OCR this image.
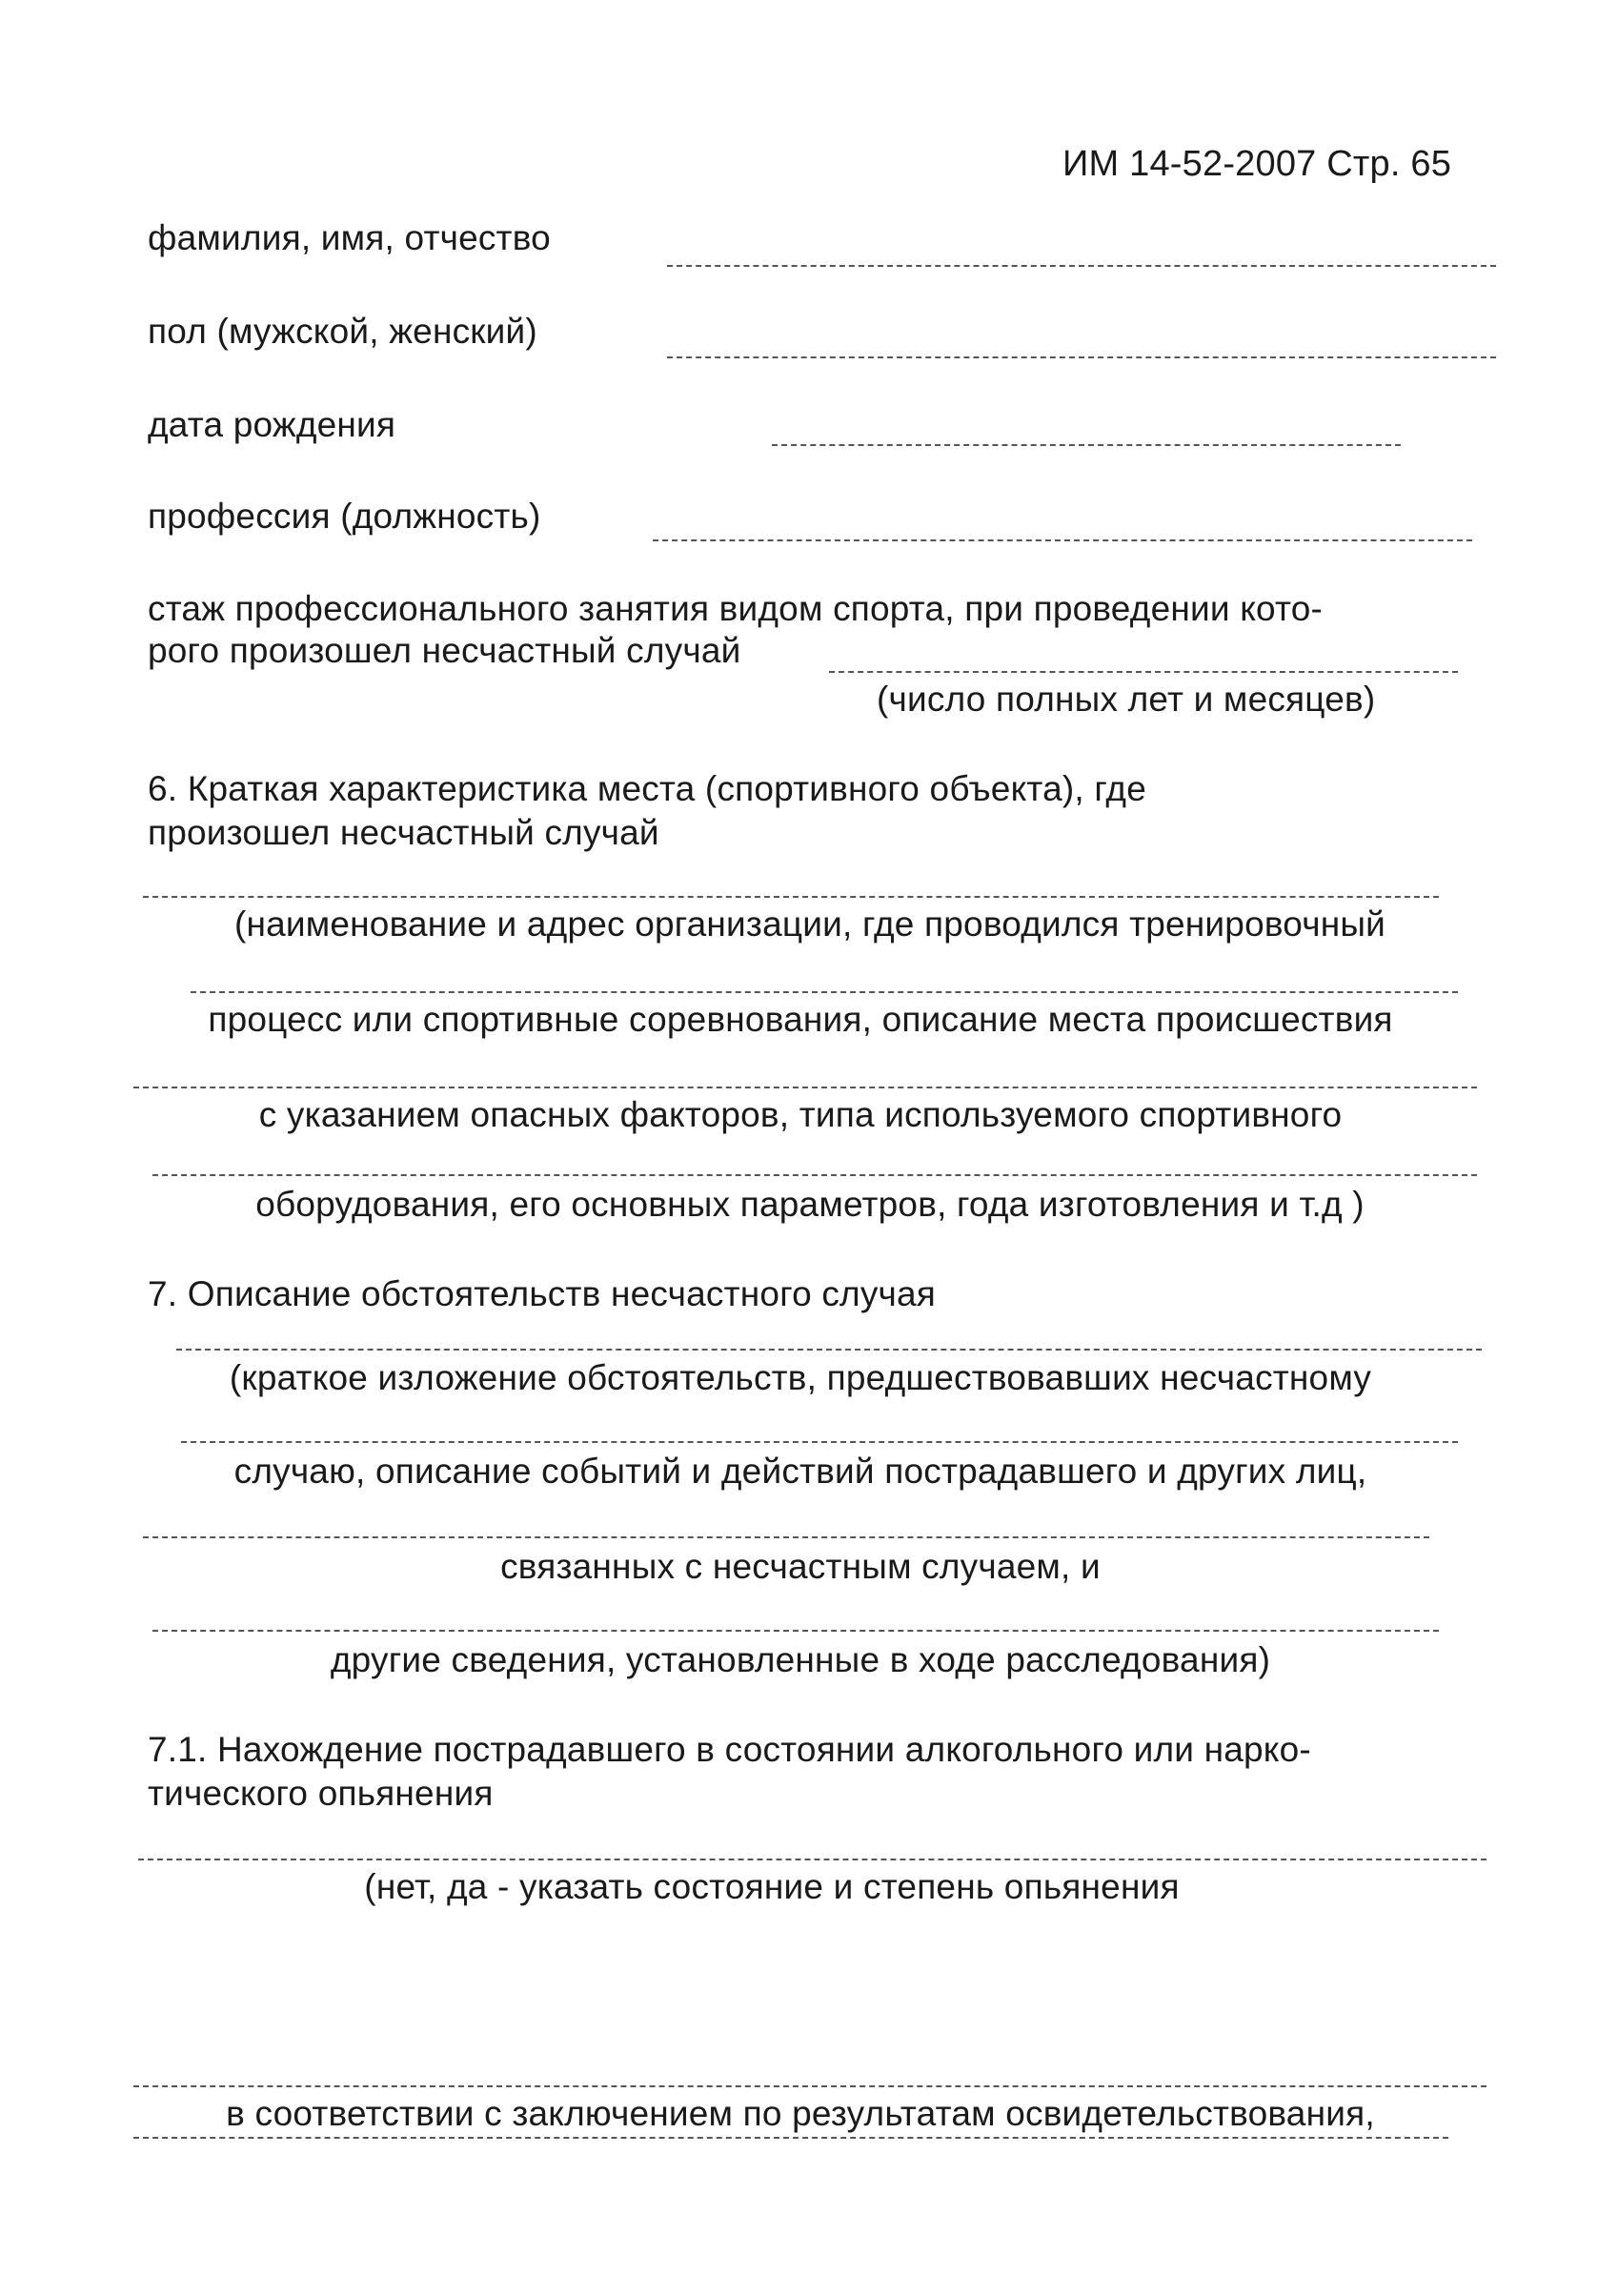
ИМ 14-52-2007 Стр. 65
фамилия, имя, отчество
пол (мужской, женский)
дата рождения
профессия (должность)
стаж профессионального занятия видом спорта, при проведении кото-
рого произошел несчастный случай
(число полных лет и месяцев)
6. Краткая характеристика места (спортивного объекта), где
произошел несчастный случай
(наименование и адрес организации, где проводился тренировочный
процесс или спортивные соревнования, описание места происшествия
с указанием опасных факторов, типа используемого спортивного
оборудования, его основных параметров, года изготовления и т.д )
7. Описание обстоятельств несчастного случая
(краткое изложение обстоятельств, предшествовавших несчастному
случаю, описание событий и действий пострадавшего и других лиц,
связанных с несчастным случаем, и
другие сведения, установленные в ходе расследования)
7.1. Нахождение пострадавшего в состоянии алкогольного или нарко-
тического опьянения
(нет, да - указать состояние и степень опьянения
в соответствии с заключением по результатам освидетельствования,
